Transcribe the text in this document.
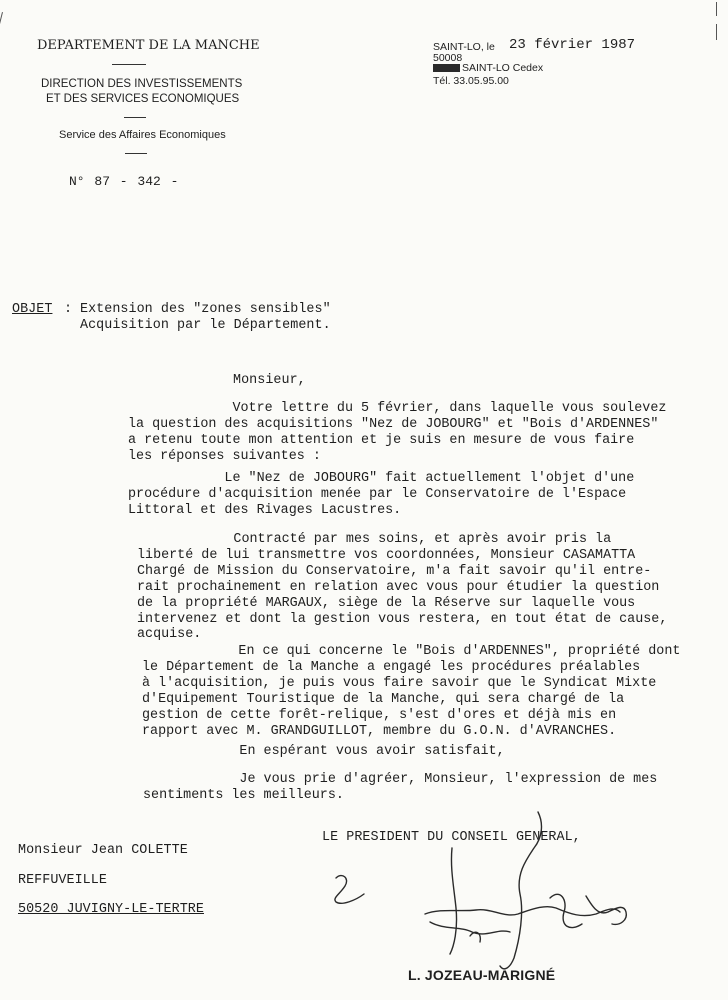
DEPARTEMENT DE LA MANCHE
DIRECTION DES INVESTISSEMENTS
ET DES SERVICES ECONOMIQUES
Service des Affaires Economiques
N° 87 - 342 -
SAINT-LO, le 23 février 1987
50008
SAINT-LO Cedex
Tél. 33.05.95.00
OBJET : Extension des "zones sensibles"
Acquisition par le Département.
Monsieur,
Votre lettre du 5 février, dans laquelle vous soulevez
la question des acquisitions "Nez de JOBOURG" et "Bois d'ARDENNES"
a retenu toute mon attention et je suis en mesure de vous faire
les réponses suivantes :
Le "Nez de JOBOURG" fait actuellement l'objet d'une
procédure d'acquisition menée par le Conservatoire de l'Espace
Littoral et des Rivages Lacustres.
Contracté par mes soins, et après avoir pris la
liberté de lui transmettre vos coordonnées, Monsieur CASAMATTA
Chargé de Mission du Conservatoire, m'a fait savoir qu'il entre-
rait prochainement en relation avec vous pour étudier la question
de la propriété MARGAUX, siège de la Réserve sur laquelle vous
intervenez et dont la gestion vous restera, en tout état de cause,
acquise.
En ce qui concerne le "Bois d'ARDENNES", propriété dont
le Département de la Manche a engagé les procédures préalables
à l'acquisition, je puis vous faire savoir que le Syndicat Mixte
d'Equipement Touristique de la Manche, qui sera chargé de la
gestion de cette forêt-relique, s'est d'ores et déjà mis en
rapport avec M. GRANDGUILLOT, membre du G.O.N. d'AVRANCHES.
En espérant vous avoir satisfait,
Je vous prie d'agréer, Monsieur, l'expression de mes
sentiments les meilleurs.
LE PRESIDENT DU CONSEIL GENERAL,
Monsieur Jean COLETTE
REFFUVEILLE
50520 JUVIGNY-LE-TERTRE
L. JOZEAU-MARIGNÉ
